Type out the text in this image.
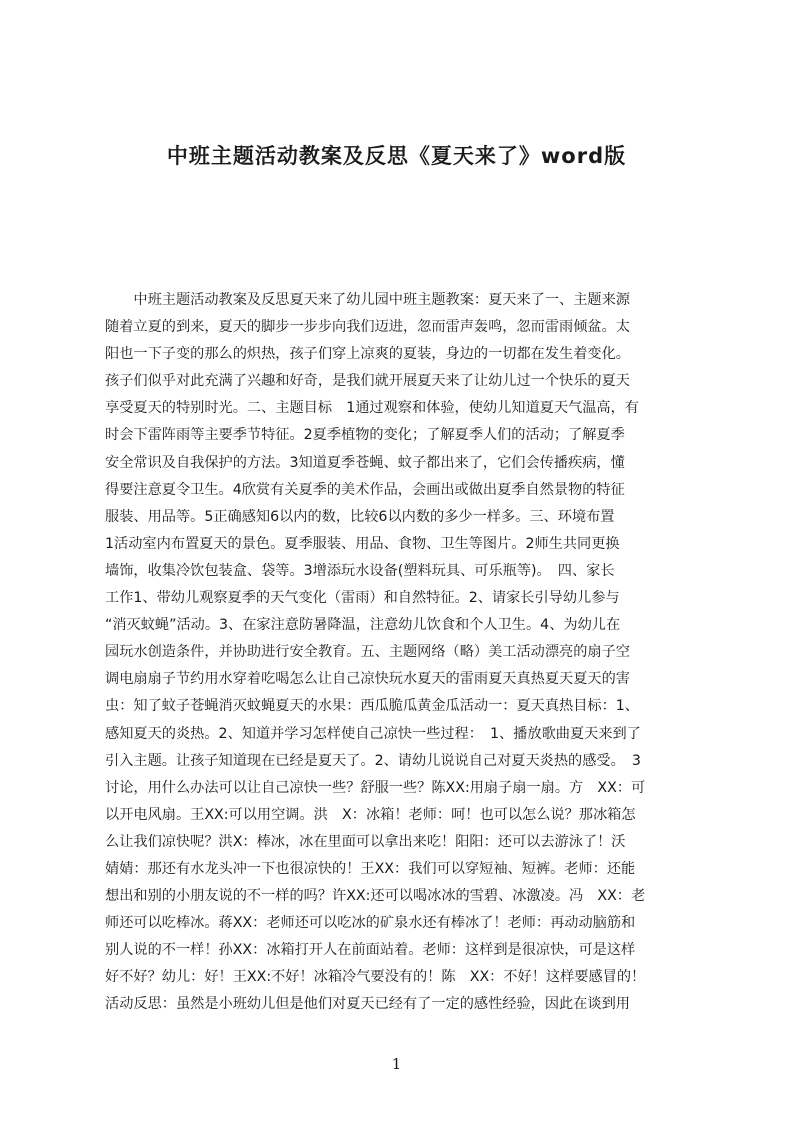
中班主题活动教案及反思《夏天来了》word版
　　中班主题活动教案及反思夏天来了幼儿园中班主题教案：夏天来了一、主题来源
随着立夏的到来，夏天的脚步一步步向我们迈进，忽而雷声轰鸣，忽而雷雨倾盆。太
阳也一下子变的那么的炽热，孩子们穿上凉爽的夏装，身边的一切都在发生着变化。
孩子们似乎对此充满了兴趣和好奇，是我们就开展夏天来了让幼儿过一个快乐的夏天
享受夏天的特别时光。二、主题目标　1通过观察和体验，使幼儿知道夏天气温高，有
时会下雷阵雨等主要季节特征。2夏季植物的变化；了解夏季人们的活动；了解夏季
安全常识及自我保护的方法。3知道夏季苍蝇、蚊子都出来了，它们会传播疾病，懂
得要注意夏令卫生。4欣赏有关夏季的美术作品，会画出或做出夏季自然景物的特征
服装、用品等。5正确感知6以内的数，比较6以内数的多少一样多。三、环境布置
1活动室内布置夏天的景色。夏季服装、用品、食物、卫生等图片。2师生共同更换
墙饰，收集冷饮包装盒、袋等。3增添玩水设备(塑料玩具、可乐瓶等)。　四、家长
工作1、带幼儿观察夏季的天气变化（雷雨）和自然特征。2、请家长引导幼儿参与
“消灭蚊蝇”活动。3、在家注意防暑降温，注意幼儿饮食和个人卫生。4、为幼儿在
园玩水创造条件，并协助进行安全教育。五、主题网络（略）美工活动漂亮的扇子空
调电扇扇子节约用水穿着吃喝怎么让自己凉快玩水夏天的雷雨夏天真热夏天夏天的害
虫：知了蚊子苍蝇消灭蚊蝇夏天的水果：西瓜脆瓜黄金瓜活动一：夏天真热目标：1、
感知夏天的炎热。2、知道并学习怎样使自己凉快一些过程：　1、播放歌曲夏天来到了
引入主题。让孩子知道现在已经是夏天了。2、请幼儿说说自己对夏天炎热的感受。　3
讨论，用什么办法可以让自己凉快一些？舒服一些？陈XX:用扇子扇一扇。方　XX：可
以开电风扇。王XX:可以用空调。洪　X：冰箱！老师：呵！也可以怎么说？那冰箱怎
么让我们凉快呢？洪X：棒冰，冰在里面可以拿出来吃！阳阳：还可以去游泳了！沃
婧婧：那还有水龙头冲一下也很凉快的！王XX：我们可以穿短袖、短裤。老师：还能
想出和别的小朋友说的不一样的吗？许XX:还可以喝冰冰的雪碧、冰激凌。冯　XX：老
师还可以吃棒冰。蒋XX：老师还可以吃冰的矿泉水还有棒冰了！老师：再动动脑筋和
别人说的不一样！孙XX：冰箱打开人在前面站着。老师：这样到是很凉快，可是这样
好不好？幼儿：好！王XX:不好！冰箱冷气要没有的！陈　XX：不好！这样要感冒的！
活动反思：虽然是小班幼儿但是他们对夏天已经有了一定的感性经验，因此在谈到用
1
